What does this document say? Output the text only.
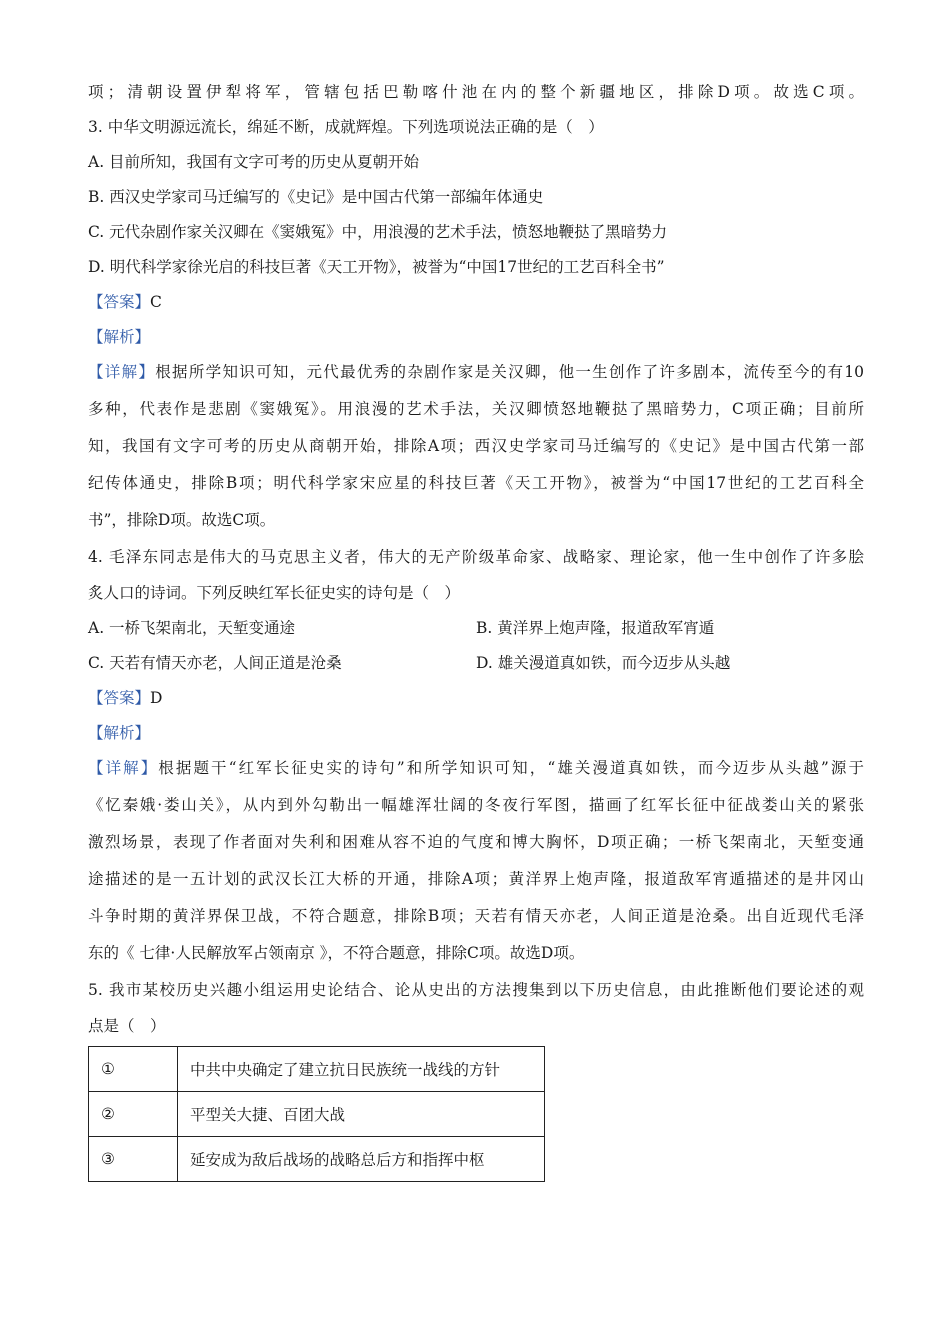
项；清朝设置伊犁将军，管辖包括巴勒喀什池在内的整个新疆地区，排除D项。故选C项。
3. 中华文明源远流长，绵延不断，成就辉煌。下列选项说法正确的是（　）
A. 目前所知，我国有文字可考的历史从夏朝开始
B. 西汉史学家司马迁编写的《史记》是中国古代第一部编年体通史
C. 元代杂剧作家关汉卿在《窦娥冤》中，用浪漫的艺术手法，愤怒地鞭挞了黑暗势力
D. 明代科学家徐光启的科技巨著《天工开物》，被誉为“中国17世纪的工艺百科全书”
【答案】C
【解析】
【详解】根据所学知识可知，元代最优秀的杂剧作家是关汉卿，他一生创作了许多剧本，流传至今的有10
多种，代表作是悲剧《窦娥冤》。用浪漫的艺术手法，关汉卿愤怒地鞭挞了黑暗势力，C项正确；目前所
知，我国有文字可考的历史从商朝开始，排除A项；西汉史学家司马迁编写的《史记》是中国古代第一部
纪传体通史，排除B项；明代科学家宋应星的科技巨著《天工开物》，被誉为“中国17世纪的工艺百科全
书”，排除D项。故选C项。
4. 毛泽东同志是伟大的马克思主义者，伟大的无产阶级革命家、战略家、理论家，他一生中创作了许多脍
炙人口的诗词。下列反映红军长征史实的诗句是（　）
A. 一桥飞架南北，天堑变通途	B. 黄洋界上炮声隆，报道敌军宵遁
C. 天若有情天亦老，人间正道是沧桑	D. 雄关漫道真如铁，而今迈步从头越
【答案】D
【解析】
【详解】根据题干“红军长征史实的诗句”和所学知识可知，“雄关漫道真如铁，而今迈步从头越”源于
《忆秦娥·娄山关》，从内到外勾勒出一幅雄浑壮阔的冬夜行军图，描画了红军长征中征战娄山关的紧张
激烈场景，表现了作者面对失利和困难从容不迫的气度和博大胸怀，D项正确；一桥飞架南北，天堑变通
途描述的是一五计划的武汉长江大桥的开通，排除A项；黄洋界上炮声隆，报道敌军宵遁描述的是井冈山
斗争时期的黄洋界保卫战，不符合题意，排除B项；天若有情天亦老，人间正道是沧桑。出自近现代毛泽
东的《 七律·人民解放军占领南京 》，不符合题意，排除C项。故选D项。
5. 我市某校历史兴趣小组运用史论结合、论从史出的方法搜集到以下历史信息，由此推断他们要论述的观
点是（　）
①	中共中央确定了建立抗日民族统一战线的方针
②	平型关大捷、百团大战
③	延安成为敌后战场的战略总后方和指挥中枢
